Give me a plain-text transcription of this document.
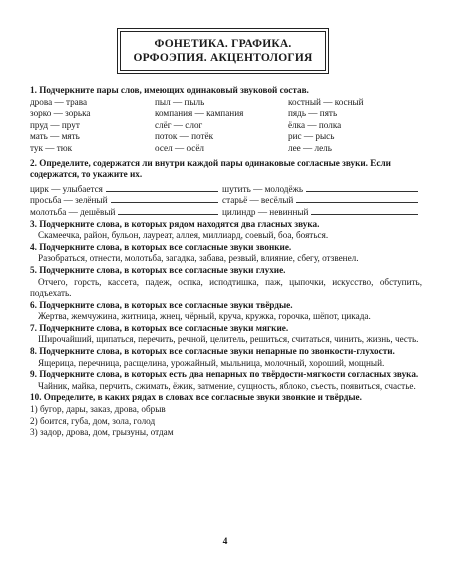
ФОНЕТИКА. ГРАФИКА.
ОРФОЭПИЯ. АКЦЕНТОЛОГИЯ
1. Подчеркните пары слов, имеющих одинаковый звуковой состав.
дрова — трава	пыл — пыль	костный — косный
зорко — зорька	компания — кампания	пядь — пять
пруд — прут	слёг — слог	ёлка — полка
мать — мять	поток — потёк	рис — рысь
тук — тюк	осел — осёл	лее — лель
2. Определите, содержатся ли внутри каждой пары одинаковые согласные звуки. Если содержатся, то укажите их.
цирк — улыбается	шутить — молодёжь
просьба — зелёный	старьё — весёлый
молотьба — дешёвый	цилиндр — невинный
3. Подчеркните слова, в которых рядом находятся два гласных звука.
Скамеечка, район, бульон, лауреат, аллея, миллиард, соевый, боа, бояться.
4. Подчеркните слова, в которых все согласные звуки звонкие.
Разобраться, отнести, молотьба, загадка, забава, резвый, влияние, сбегу, отзвенел.
5. Подчеркните слова, в которых все согласные звуки глухие.
Отчего, горсть, кассета, падеж, оспка, исподтишка, паж, цыпочки, искусство, обступить, подъехать.
6. Подчеркните слова, в которых все согласные звуки твёрдые.
Жертва, жемчужина, житница, жнец, чёрный, круча, кружка, горочка, шёпот, цикада.
7. Подчеркните слова, в которых все согласные звуки мягкие.
Широчайший, щипаться, перечить, речной, целитель, решиться, считаться, чинить, жизнь, честь.
8. Подчеркните слова, в которых все согласные звуки непарные по звонкости-глухости.
Ящерица, перечница, расщелина, урожайный, мыльница, молочный, хороший, мощный.
9. Подчеркните слова, в которых есть два непарных по твёрдости-мягкости согласных звука.
Чайник, майка, перчить, сжимать, ёжик, затмение, сущность, яблоко, съесть, появиться, счастье.
10. Определите, в каких рядах в словах все согласные звуки звонкие и твёрдые.
1) бугор, дары, заказ, дрова, обрыв
2) боится, губа, дом, зола, голод
3) задор, дрова, дом, грызуны, отдам
4
